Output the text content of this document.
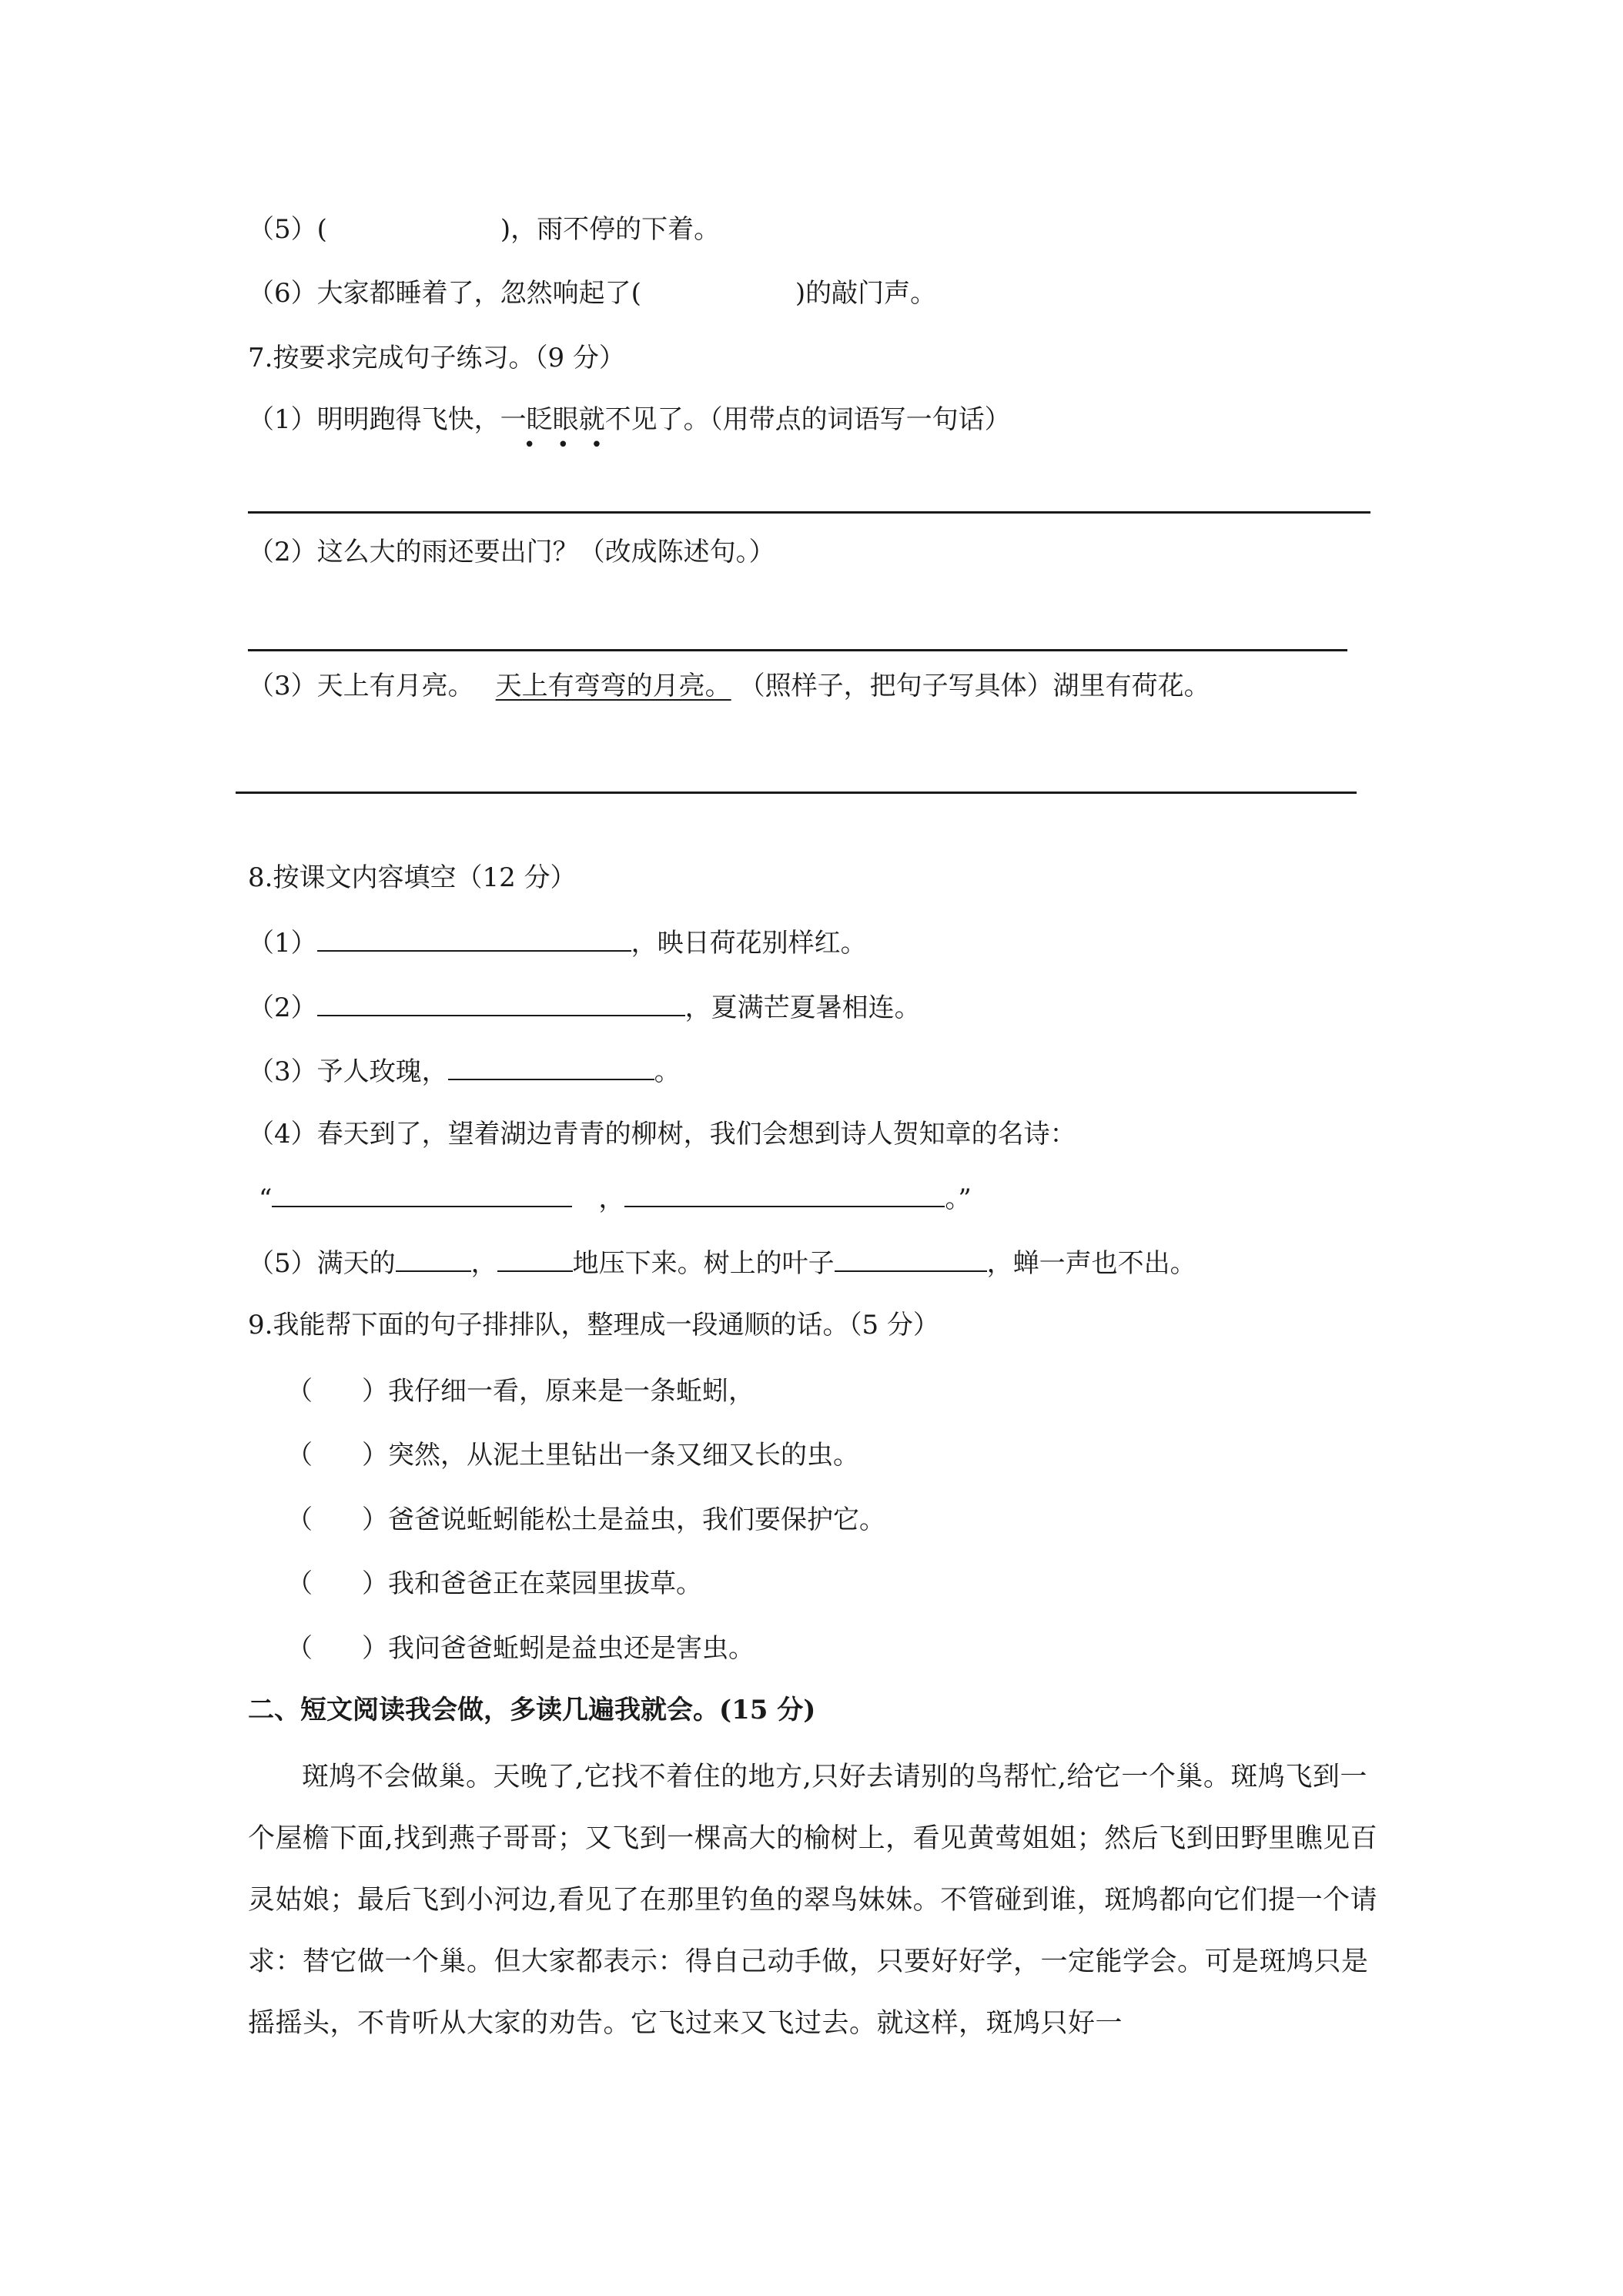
（5）(	)，雨不停的下着。
（6）大家都睡着了，忽然响起了(	)的敲门声。
7.按要求完成句子练习。（9 分）
（1）明明跑得飞快，一眨眼就不见了。（用带点的词语写一句话）
• • •
（2）这么大的雨还要出门？（改成陈述句。）
（3）天上有月亮。 天上有弯弯的月亮。 （照样子，把句子写具体）湖里有荷花。
8.按课文内容填空（12 分）
（1）	，映日荷花别样红。
（2）	，夏满芒夏暑相连。
（3）予人玫瑰，	。
（4）春天到了，望着湖边青青的柳树，我们会想到诗人贺知章的名诗：
“	，	。”
（5）满天的	，	地压下来。树上的叶子	，蝉一声也不出。
9.我能帮下面的句子排排队，整理成一段通顺的话。（5 分）
（ ）我仔细一看，原来是一条蚯蚓，
（ ）突然，从泥土里钻出一条又细又长的虫。
（ ）爸爸说蚯蚓能松土是益虫，我们要保护它。
（ ）我和爸爸正在菜园里拔草。
（ ）我问爸爸蚯蚓是益虫还是害虫。
二、短文阅读我会做，多读几遍我就会。(15 分)
斑鸠不会做巢。天晚了,它找不着住的地方,只好去请别的鸟帮忙,给它一个巢。斑鸠飞到一个屋檐下面,找到燕子哥哥；又飞到一棵高大的榆树上，看见黄莺姐姐；然后飞到田野里瞧见百灵姑娘；最后飞到小河边,看见了在那里钓鱼的翠鸟妹妹。不管碰到谁，斑鸠都向它们提一个请求：替它做一个巢。但大家都表示：得自己动手做，只要好好学，一定能学会。可是斑鸠只是摇摇头，不肯听从大家的劝告。它飞过来又飞过去。就这样，斑鸠只好一
